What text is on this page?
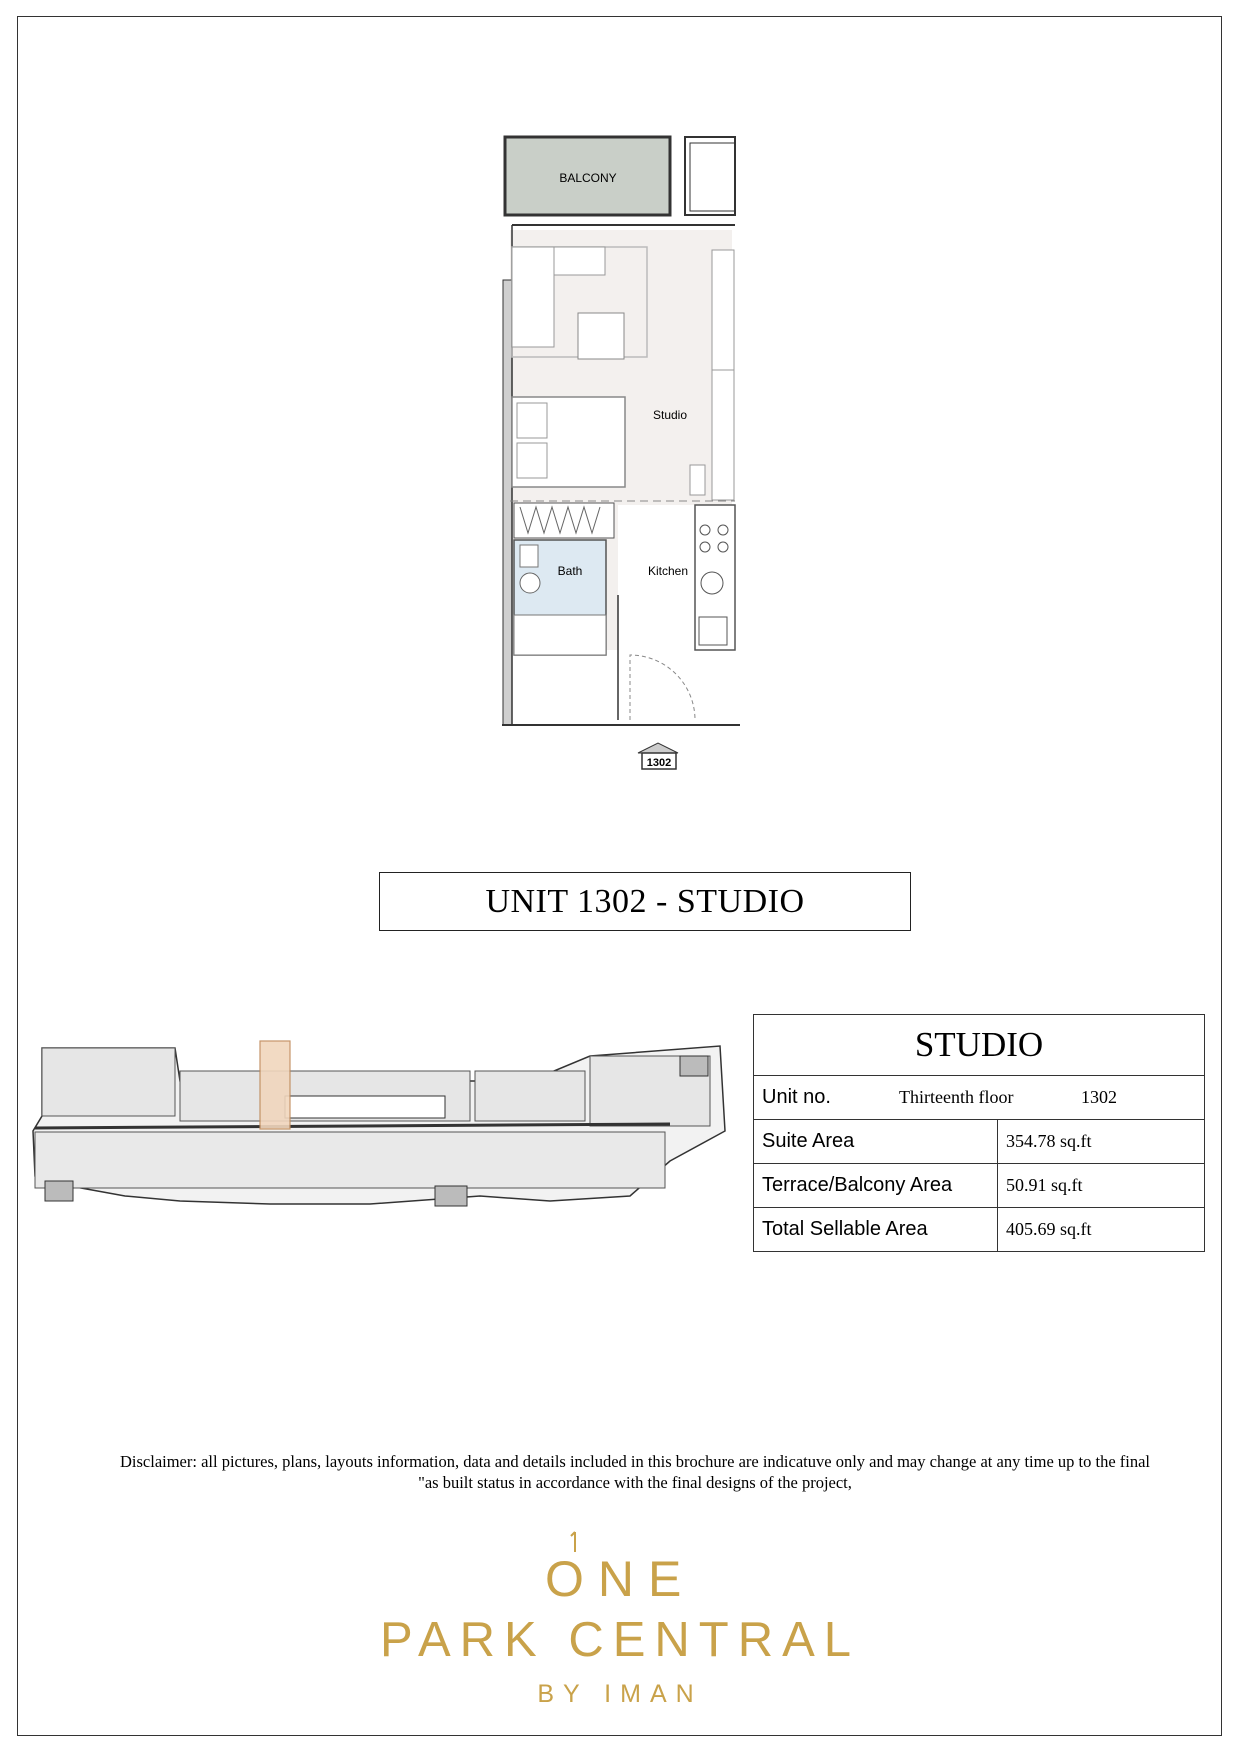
BALCONY
Studio
Bath	Kitchen
1302
UNIT 1302 - STUDIO
STUDIO	

Unit no. Thirteenth floor 1302	

Suite Area	354.78 sq.ft
Terrace/Balcony Area	50.91 sq.ft
Total Sellable Area	405.69 sq.ft
Disclaimer: all pictures, plans, layouts information, data and details included in this brochure are indicatuve only and may change at any time up to the final
"as built status in accordance with the final designs of the project,
ONE
PARK CENTRAL
BY IMAN
